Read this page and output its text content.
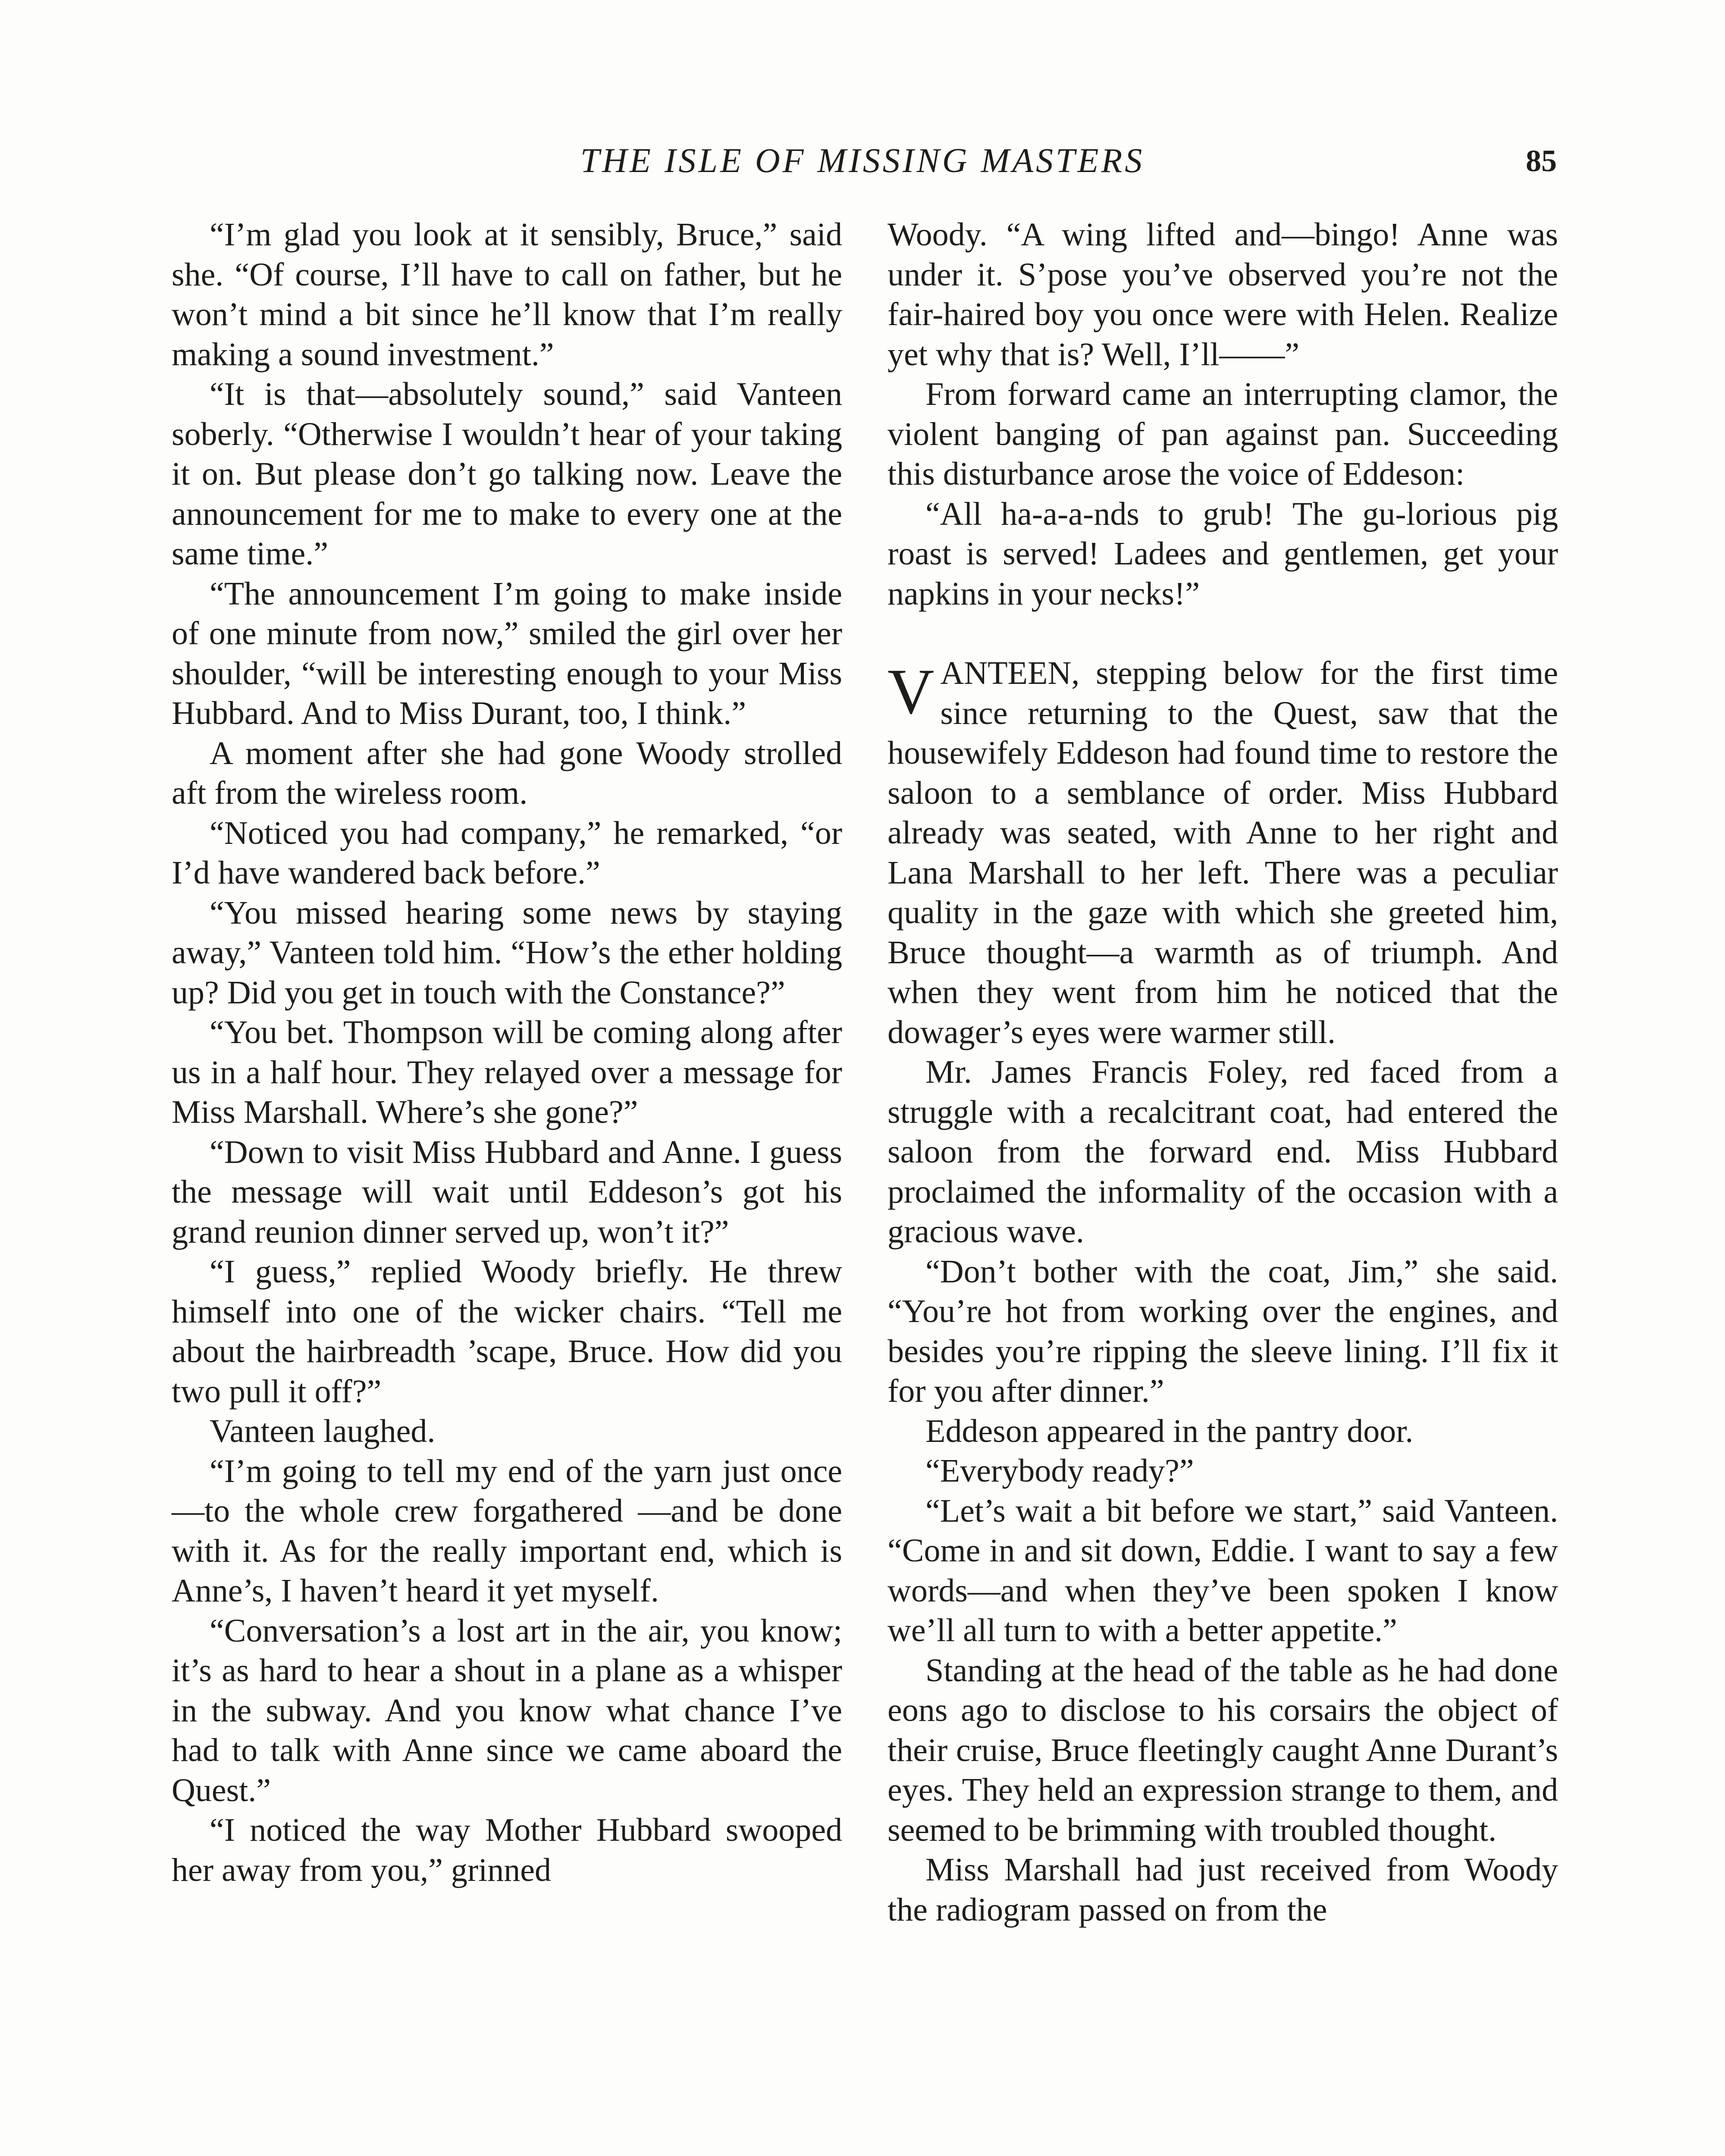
THE ISLE OF MISSING MASTERS	85

“I’m glad you look at it sensibly, Bruce,” said she. “Of course, I’ll have to call on father, but he won’t mind a bit since he’ll know that I’m really making a sound investment.”

“It is that—absolutely sound,” said Vanteen soberly. “Otherwise I wouldn’t hear of your taking it on. But please don’t go talking now. Leave the announcement for me to make to every one at the same time.”

“The announcement I’m going to make inside of one minute from now,” smiled the girl over her shoulder, “will be interesting enough to your Miss Hubbard. And to Miss Durant, too, I think.”

A moment after she had gone Woody strolled aft from the wireless room.

“Noticed you had company,” he remarked, “or I’d have wandered back before.”

“You missed hearing some news by staying away,” Vanteen told him. “How’s the ether holding up? Did you get in touch with the Constance?”

“You bet. Thompson will be coming along after us in a half hour. They relayed over a message for Miss Marshall. Where’s she gone?”

“Down to visit Miss Hubbard and Anne. I guess the message will wait until Eddeson’s got his grand reunion dinner served up, won’t it?”

“I guess,” replied Woody briefly. He threw himself into one of the wicker chairs. “Tell me about the hairbreadth ’scape, Bruce. How did you two pull it off?”

Vanteen laughed.

“I’m going to tell my end of the yarn just once—to the whole crew forgathered —and be done with it. As for the really important end, which is Anne’s, I haven’t heard it yet myself.

“Conversation’s a lost art in the air, you know; it’s as hard to hear a shout in a plane as a whisper in the subway. And you know what chance I’ve had to talk with Anne since we came aboard the Quest.”

“I noticed the way Mother Hubbard swooped her away from you,” grinned

Woody. “A wing lifted and—bingo! Anne was under it. S’pose you’ve observed you’re not the fair-haired boy you once were with Helen. Realize yet why that is? Well, I’ll——”

From forward came an interrupting clamor, the violent banging of pan against pan. Succeeding this disturbance arose the voice of Eddeson:

“All ha-a-a-nds to grub! The gu-lorious pig roast is served! Ladees and gentlemen, get your napkins in your necks!”

VANTEEN, stepping below for the first time since returning to the Quest, saw that the housewifely Eddeson had found time to restore the saloon to a semblance of order. Miss Hubbard already was seated, with Anne to her right and Lana Marshall to her left. There was a peculiar quality in the gaze with which she greeted him, Bruce thought—a warmth as of triumph. And when they went from him he noticed that the dowager’s eyes were warmer still.

Mr. James Francis Foley, red faced from a struggle with a recalcitrant coat, had entered the saloon from the forward end. Miss Hubbard proclaimed the informality of the occasion with a gracious wave.

“Don’t bother with the coat, Jim,” she said. “You’re hot from working over the engines, and besides you’re ripping the sleeve lining. I’ll fix it for you after dinner.”

Eddeson appeared in the pantry door.

“Everybody ready?”

“Let’s wait a bit before we start,” said Vanteen. “Come in and sit down, Eddie. I want to say a few words—and when they’ve been spoken I know we’ll all turn to with a better appetite.”

Standing at the head of the table as he had done eons ago to disclose to his corsairs the object of their cruise, Bruce fleetingly caught Anne Durant’s eyes. They held an expression strange to them, and seemed to be brimming with troubled thought.

Miss Marshall had just received from Woody the radiogram passed on from the
